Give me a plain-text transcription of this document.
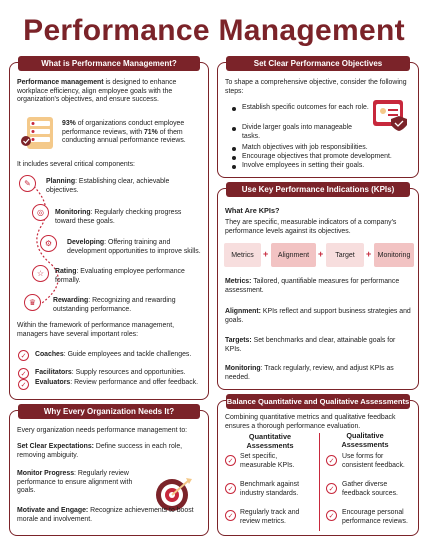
Performance Management
What is Performance Management?
Performance management is designed to enhance workplace efficiency, align employee goals with the organization's objectives, and ensure success.
93% of organizations conduct employee performance reviews, with 71% of them conducting annual performance reviews.
It includes several critical components:
✎	Planning: Establishing clear, achievable objectives.
◎	Monitoring: Regularly checking progress toward these goals.
⚙	Developing: Offering training and development opportunities to improve skills.
☆	Rating: Evaluating employee performance formally.
♛	Rewarding: Recognizing and rewarding outstanding performance.
Within the framework of performance management, managers have several important roles:
✓	Coaches: Guide employees and tackle challenges.
✓	Facilitators: Supply resources and opportunities.
✓	Evaluators: Review performance and offer feedback.
Why Every Organization Needs It?
Every organization needs performance management to:
Set Clear Expectations: Define success in each role, removing ambiguity.
Monitor Progress: Regularly review performance to ensure alignment with goals.
Motivate and Engage: Recognize achievements to boost morale and involvement.
Set Clear Performance Objectives
To shape a comprehensive objective, consider the following steps:
Establish specific outcomes for each role.
Divide larger goals into manageable tasks.
Match objectives with job responsibilities.
Encourage objectives that promote development.
Involve employees in setting their goals.
Use Key Performance Indications (KPIs)
What Are KPIs?
They are specific, measurable indicators of a company's performance levels against its objectives.
Metrics	+	Alignment +	Target	+ Monitoring
Metrics: Tailored, quantifiable measures for performance assessment.
Alignment: KPIs reflect and support business strategies and goals.
Targets: Set benchmarks and clear, attainable goals for KPIs.
Monitoring: Track regularly, review, and adjust KPIs as needed.
Balance Quantitative and Qualitative Assessments
Combining quantitative metrics and qualitative feedback ensures a thorough performance evaluation.
Quantitative Assessments
Qualitative Assessments
✓
Set specific, measurable KPIs.
✓
Benchmark against industry standards.
✓ Regularly track and review metrics.
✓
Use forms for consistent feedback.
✓
Gather diverse feedback sources.
✓	Encourage personal performance reviews.
